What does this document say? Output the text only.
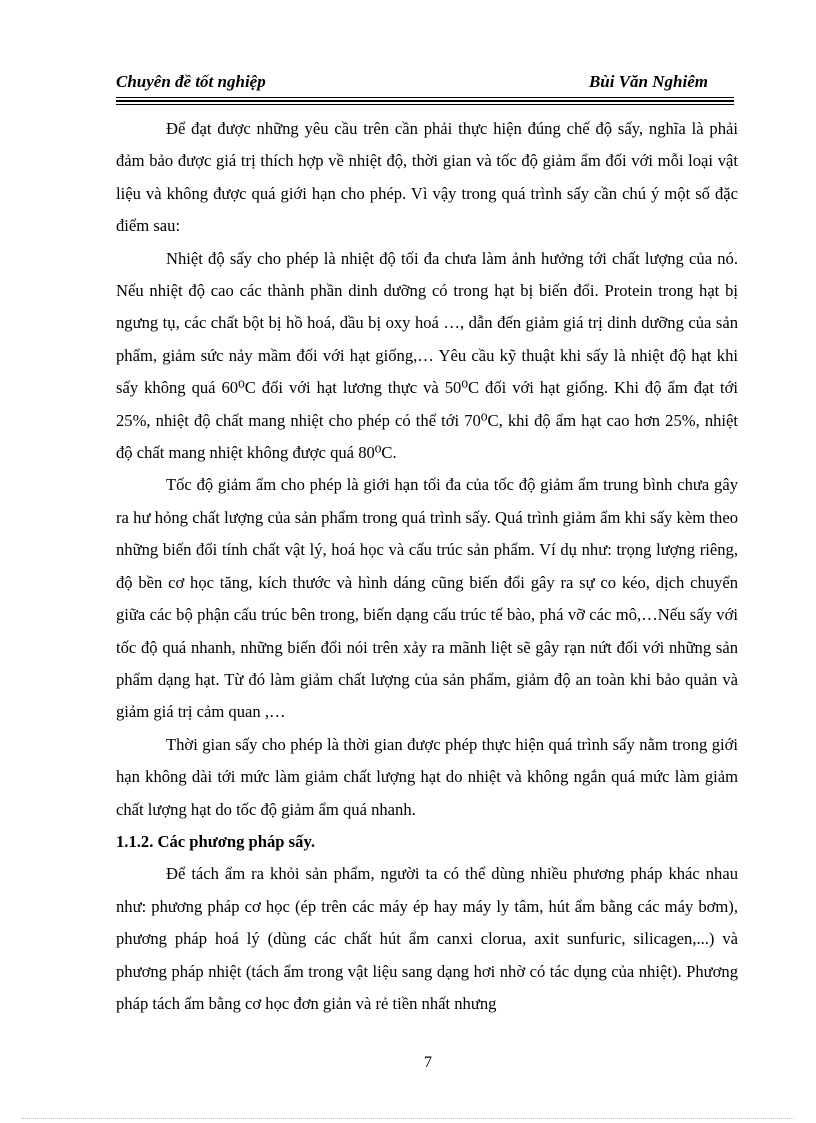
Chuyên đề tốt nghiệp	Bùi Văn Nghiêm

Để đạt được những yêu cầu trên cần phải thực hiện đúng chế độ sấy, nghĩa là phải đảm bảo được giá trị thích hợp về nhiệt độ, thời gian và tốc độ giảm ẩm đối với mỗi loại vật liệu và không được quá giới hạn cho phép. Vì vậy trong quá trình sấy cần chú ý một số đặc điểm sau:

Nhiệt độ sấy cho phép là nhiệt độ tối đa chưa làm ảnh hưởng tới chất lượng của nó. Nếu nhiệt độ cao các thành phần dinh dưỡng có trong hạt bị biến đổi. Protein trong hạt bị ngưng tụ, các chất bột bị hồ hoá, dầu bị oxy hoá …, dẫn đến giảm giá trị dinh dưỡng của sản phẩm, giảm sức nảy mầm đối với hạt giống,… Yêu cầu kỹ thuật khi sấy là nhiệt độ hạt khi sấy không quá 60⁰C đối với hạt lương thực và 50⁰C đối với hạt giống. Khi độ ẩm đạt tới 25%, nhiệt độ chất mang nhiệt cho phép có thể tới 70⁰C, khi độ ẩm hạt cao hơn 25%, nhiệt độ chất mang nhiệt không được quá 80⁰C.

Tốc độ giảm ẩm cho phép là giới hạn tối đa của tốc độ giảm ẩm trung bình chưa gây ra hư hỏng chất lượng của sản phẩm trong quá trình sấy. Quá trình giảm ẩm khi sấy kèm theo những biến đổi tính chất vật lý, hoá học và cấu trúc sản phẩm. Ví dụ như: trọng lượng riêng, độ bền cơ học tăng, kích thước và hình dáng cũng biến đổi gây ra sự co kéo, dịch chuyển giữa các bộ phận cấu trúc bên trong, biến dạng cấu trúc tế bào, phá vỡ các mô,…Nếu sấy với tốc độ quá nhanh, những biến đổi nói trên xảy ra mãnh liệt sẽ gây rạn nứt đối với những sản phẩm dạng hạt. Từ đó làm giảm chất lượng của sản phẩm, giảm độ an toàn khi bảo quản và giảm giá trị cảm quan ,…

Thời gian sấy cho phép là thời gian được phép thực hiện quá trình sấy nằm trong giới hạn không dài tới mức làm giảm chất lượng hạt do nhiệt và không ngắn quá mức làm giảm chất lượng hạt do tốc độ giảm ẩm quá nhanh.

1.1.2. Các phương pháp sấy.

Để tách ẩm ra khỏi sản phẩm, người ta có thể dùng nhiều phương pháp khác nhau như: phương pháp cơ học (ép trên các máy ép hay máy ly tâm, hút ẩm bằng các máy bơm), phương pháp hoá lý (dùng các chất hút ẩm canxi clorua, axit sunfuric, silicagen,...) và phương pháp nhiệt (tách ẩm trong vật liệu sang dạng hơi nhờ có tác dụng của nhiệt). Phương pháp tách ẩm bằng cơ học đơn giản và rẻ tiền nhất nhưng

7
